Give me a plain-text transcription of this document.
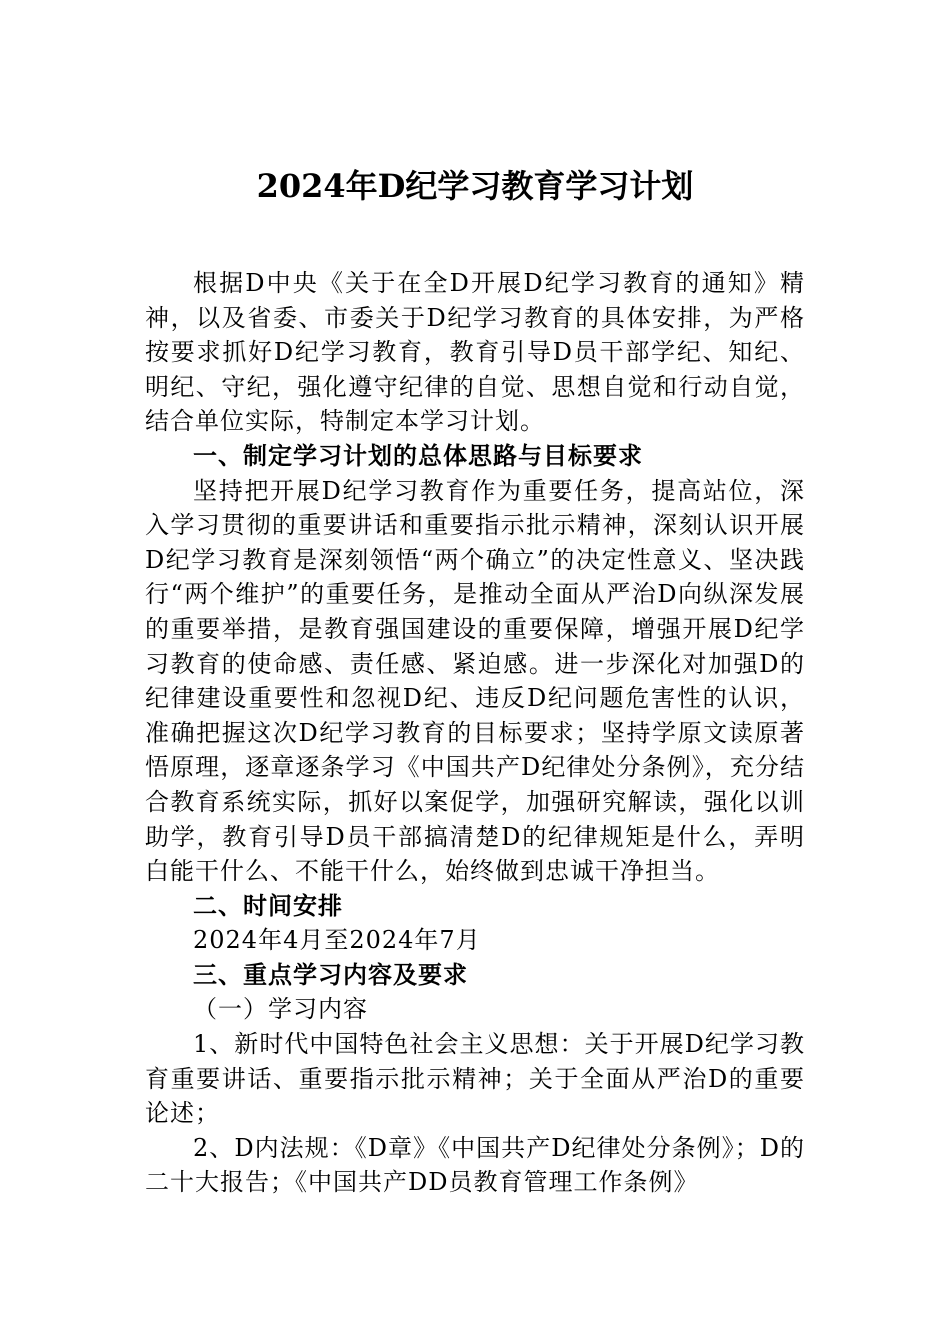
2024年D纪学习教育学习计划

根据D中央《关于在全D开展D纪学习教育的通知》精神，以及省委、市委关于D纪学习教育的具体安排，为严格按要求抓好D纪学习教育，教育引导D员干部学纪、知纪、明纪、守纪，强化遵守纪律的自觉、思想自觉和行动自觉，结合单位实际，特制定本学习计划。

一、制定学习计划的总体思路与目标要求

坚持把开展D纪学习教育作为重要任务，提高站位，深入学习贯彻的重要讲话和重要指示批示精神，深刻认识开展D纪学习教育是深刻领悟“两个确立”的决定性意义、坚决践行“两个维护”的重要任务，是推动全面从严治D向纵深发展的重要举措，是教育强国建设的重要保障，增强开展D纪学习教育的使命感、责任感、紧迫感。进一步深化对加强D的纪律建设重要性和忽视D纪、违反D纪问题危害性的认识，准确把握这次D纪学习教育的目标要求；坚持学原文读原著悟原理，逐章逐条学习《中国共产D纪律处分条例》，充分结合教育系统实际，抓好以案促学，加强研究解读，强化以训助学，教育引导D员干部搞清楚D的纪律规矩是什么，弄明白能干什么、不能干什么，始终做到忠诚干净担当。

二、时间安排

2024年4月至2024年7月

三、重点学习内容及要求

（一）学习内容

1、新时代中国特色社会主义思想：关于开展D纪学习教育重要讲话、重要指示批示精神；关于全面从严治D的重要论述；

2、D内法规：《D章》《中国共产D纪律处分条例》；D的二十大报告；《中国共产DD员教育管理工作条例》
